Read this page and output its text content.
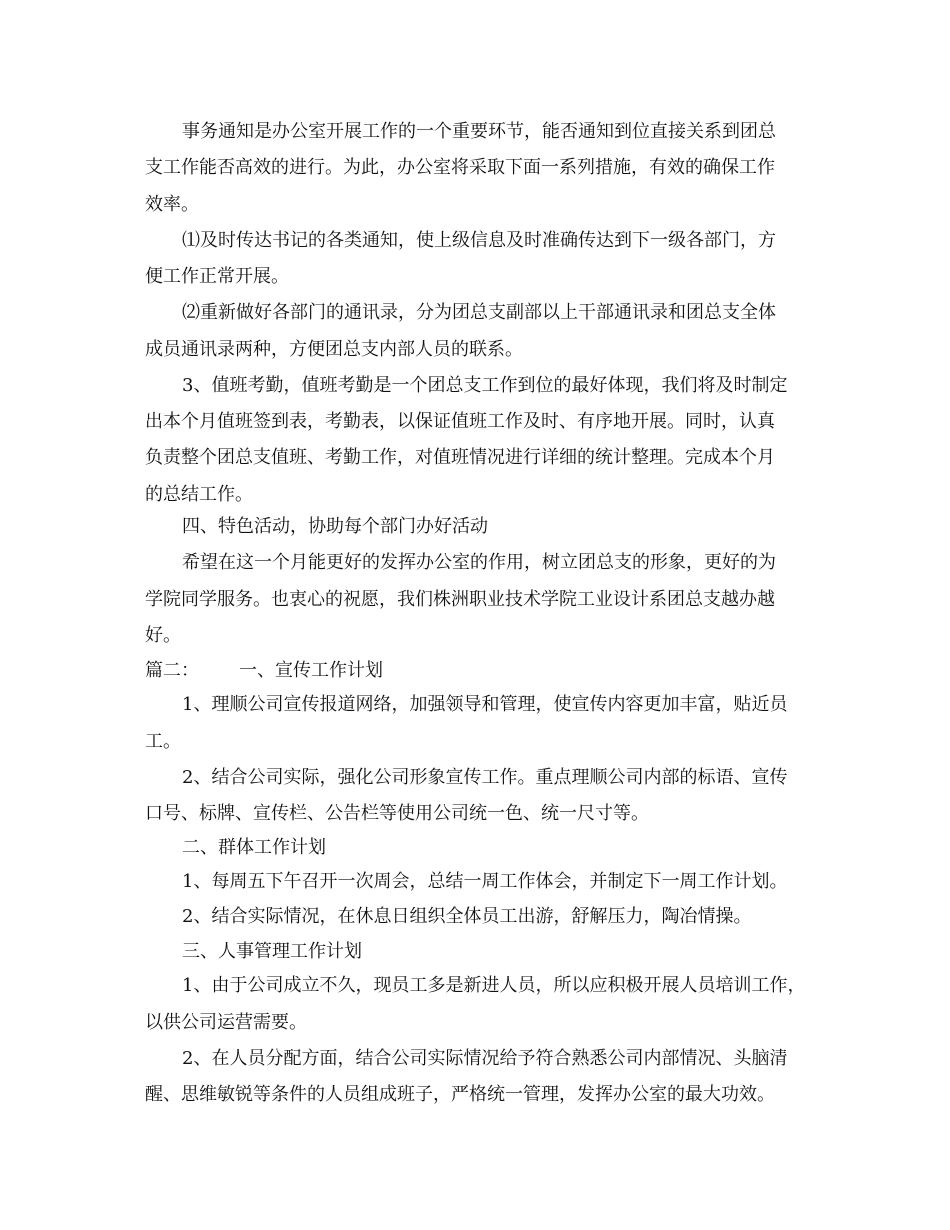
事务通知是办公室开展工作的一个重要环节，能否通知到位直接关系到团总

支工作能否高效的进行。为此，办公室将采取下面一系列措施，有效的确保工作

效率。

⑴及时传达书记的各类通知，使上级信息及时准确传达到下一级各部门，方

便工作正常开展。

⑵重新做好各部门的通讯录，分为团总支副部以上干部通讯录和团总支全体

成员通讯录两种，方便团总支内部人员的联系。

3、值班考勤，值班考勤是一个团总支工作到位的最好体现，我们将及时制定

出本个月值班签到表，考勤表，以保证值班工作及时、有序地开展。同时，认真

负责整个团总支值班、考勤工作，对值班情况进行详细的统计整理。完成本个月

的总结工作。

四、特色活动，协助每个部门办好活动

希望在这一个月能更好的发挥办公室的作用，树立团总支的形象，更好的为

学院同学服务。也衷心的祝愿，我们株洲职业技术学院工业设计系团总支越办越

好。

篇二： 一、宣传工作计划

1、理顺公司宣传报道网络，加强领导和管理，使宣传内容更加丰富，贴近员

工。

2、结合公司实际，强化公司形象宣传工作。重点理顺公司内部的标语、宣传

口号、标牌、宣传栏、公告栏等使用公司统一色、统一尺寸等。

二、群体工作计划

1、每周五下午召开一次周会，总结一周工作体会，并制定下一周工作计划。

2、结合实际情况，在休息日组织全体员工出游，舒解压力，陶冶情操。

三、人事管理工作计划

1、由于公司成立不久，现员工多是新进人员，所以应积极开展人员培训工作，

以供公司运营需要。

2、在人员分配方面，结合公司实际情况给予符合熟悉公司内部情况、头脑清

醒、思维敏锐等条件的人员组成班子，严格统一管理，发挥办公室的最大功效。
